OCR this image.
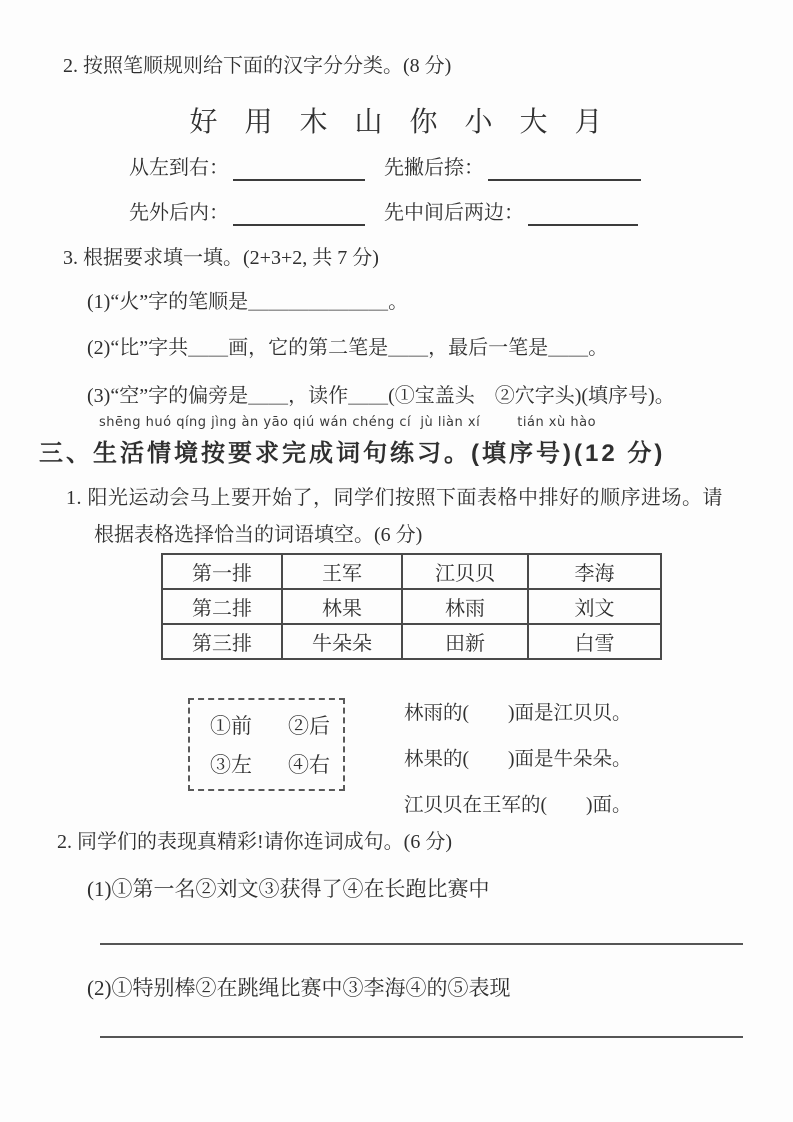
2. 按照笔顺规则给下面的汉字分分类。(8 分)
好 用 木 山 你 小 大 月
从左到右：	先撇后捺：
先外后内：	先中间后两边：
3. 根据要求填一填。(2+3+2, 共 7 分)
(1)“火”字的笔顺是＿＿＿＿＿＿＿。
(2)“比”字共＿＿画，它的第二笔是＿＿，最后一笔是＿＿。
(3)“空”字的偏旁是＿＿，读作＿＿(①宝盖头　②穴字头)(填序号)。
shēng huó qíng jìng àn yāo qiú wán chéng cí  jù liàn xí        tián xù hào
三、生活情境按要求完成词句练习。(填序号)(12 分)
1. 阳光运动会马上要开始了，同学们按照下面表格中排好的顺序进场。请
根据表格选择恰当的词语填空。(6 分)
第一排	王军	江贝贝	李海
第二排	林果	林雨	刘文
第三排	牛朵朵	田新	白雪
①前 ②后
③左 ④右
林雨的(　　)面是江贝贝。
林果的(　　)面是牛朵朵。
江贝贝在王军的(　　)面。
2. 同学们的表现真精彩!请你连词成句。(6 分)
(1)①第一名②刘文③获得了④在长跑比赛中
(2)①特别棒②在跳绳比赛中③李海④的⑤表现
